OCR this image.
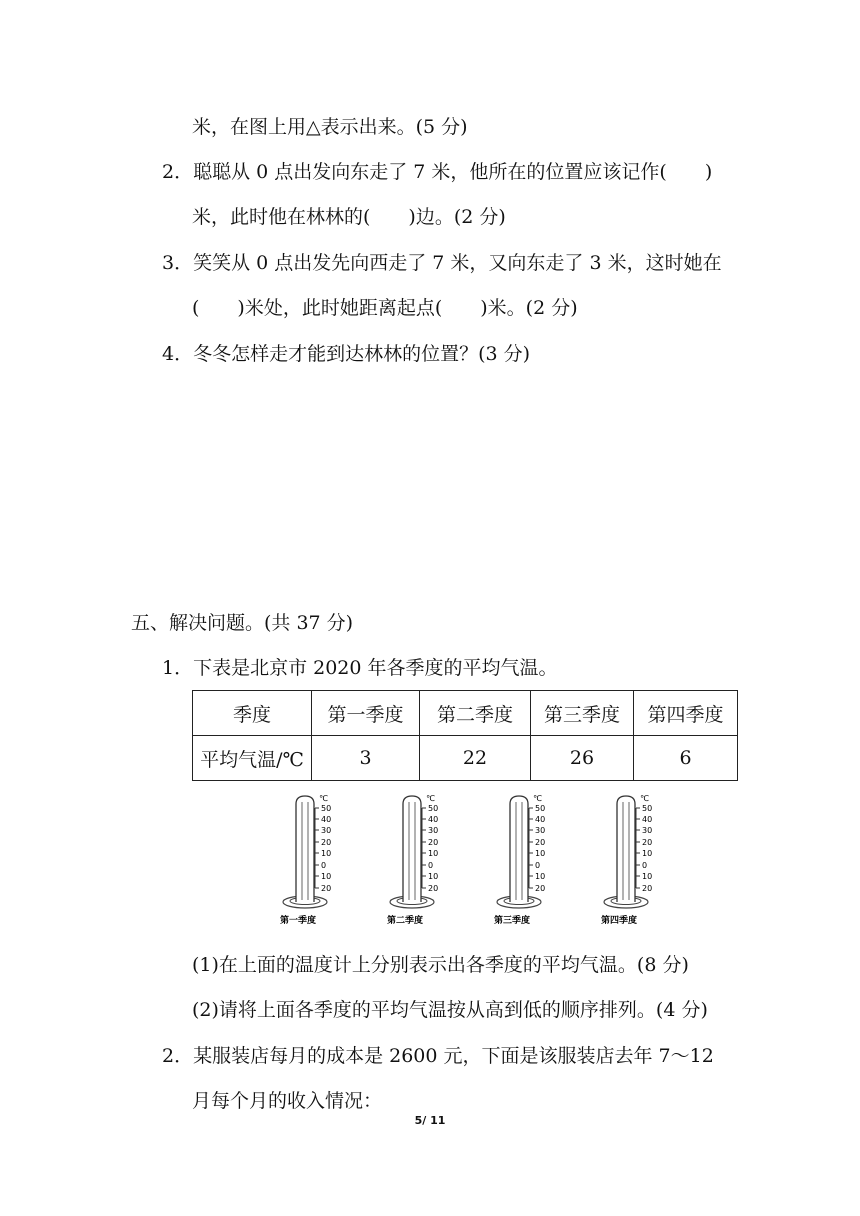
米，在图上用△表示出来。(5 分)
2．聪聪从 0 点出发向东走了 7 米，他所在的位置应该记作(　　)
米，此时他在林林的(　　)边。(2 分)
3．笑笑从 0 点出发先向西走了 7 米，又向东走了 3 米，这时她在
(　　)米处，此时她距离起点(　　)米。(2 分)
4．冬冬怎样走才能到达林林的位置？(3 分)
五、解决问题。(共 37 分)
1．下表是北京市 2020 年各季度的平均气温。
季度	第一季度	第二季度	第三季度	第四季度
平均气温/℃	3	22	26	6
℃
50
40
30
20
10
0
10
20
第一季度
℃
50
40
30
20
10
0
10
20
第二季度
℃
50
40
30
20
10
0
10
20
第三季度
℃
50
40
30
20
10
0
10
20
第四季度
(1)在上面的温度计上分别表示出各季度的平均气温。(8 分)
(2)请将上面各季度的平均气温按从高到低的顺序排列。(4 分)
2．某服装店每月的成本是 2600 元，下面是该服装店去年 7～12
月每个月的收入情况：
5/ 11
